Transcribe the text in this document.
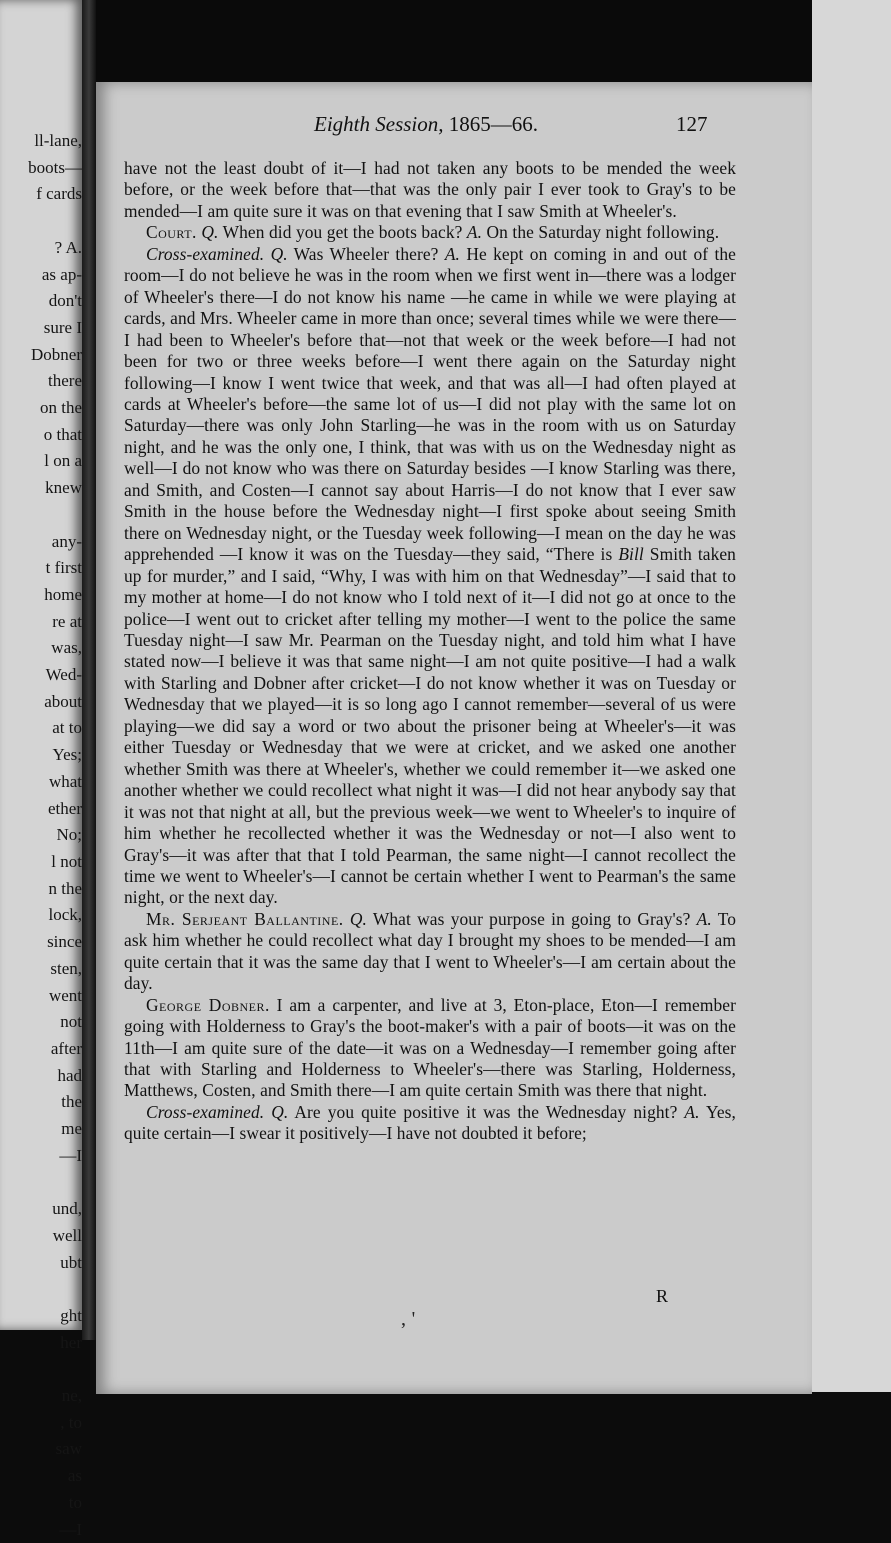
ll-lane,
boots—
f cards

? A.
as ap-
don't
sure I
Dobner
there
on the
o that
l on a
knew

any-
t first
home
re at
was,
Wed-
about
at to
Yes;
what
ether
No;
l not
n the
lock,
since
sten,
went
not
after
had
the
me
—I

und,
well
ubt

ght
her

ne,
, to
saw
as
to
—I
Eighth Session, 1865—66.	127

have not the least doubt of it—I had not taken any boots to be mended the week before, or the week before that—that was the only pair I ever took to Gray's to be mended—I am quite sure it was on that evening that I saw Smith at Wheeler's.

Court. Q. When did you get the boots back? A. On the Saturday night following.

Cross-examined. Q. Was Wheeler there? A. He kept on coming in and out of the room—I do not believe he was in the room when we first went in—there was a lodger of Wheeler's there—I do not know his name —he came in while we were playing at cards, and Mrs. Wheeler came in more than once; several times while we were there—I had been to Wheeler's before that—not that week or the week before—I had not been for two or three weeks before—I went there again on the Saturday night following—I know I went twice that week, and that was all—I had often played at cards at Wheeler's before—the same lot of us—I did not play with the same lot on Saturday—there was only John Starling—he was in the room with us on Saturday night, and he was the only one, I think, that was with us on the Wednesday night as well—I do not know who was there on Saturday besides —I know Starling was there, and Smith, and Costen—I cannot say about Harris—I do not know that I ever saw Smith in the house before the Wednesday night—I first spoke about seeing Smith there on Wednesday night, or the Tuesday week following—I mean on the day he was apprehended —I know it was on the Tuesday—they said, “There is Bill Smith taken up for murder,” and I said, “Why, I was with him on that Wednesday”—I said that to my mother at home—I do not know who I told next of it—I did not go at once to the police—I went out to cricket after telling my mother—I went to the police the same Tuesday night—I saw Mr. Pearman on the Tuesday night, and told him what I have stated now—I believe it was that same night—I am not quite positive—I had a walk with Starling and Dobner after cricket—I do not know whether it was on Tuesday or Wednesday that we played—it is so long ago I cannot remember—several of us were playing—we did say a word or two about the prisoner being at Wheeler's—it was either Tuesday or Wednesday that we were at cricket, and we asked one another whether Smith was there at Wheeler's, whether we could remember it—we asked one another whether we could recollect what night it was—I did not hear anybody say that it was not that night at all, but the previous week—we went to Wheeler's to inquire of him whether he recollected whether it was the Wednesday or not—I also went to Gray's—it was after that that I told Pearman, the same night—I cannot recollect the time we went to Wheeler's—I cannot be certain whether I went to Pearman's the same night, or the next day.

Mr. Serjeant Ballantine. Q. What was your purpose in going to Gray's? A. To ask him whether he could recollect what day I brought my shoes to be mended—I am quite certain that it was the same day that I went to Wheeler's—I am certain about the day.

George Dobner. I am a carpenter, and live at 3, Eton-place, Eton—I remember going with Holderness to Gray's the boot-maker's with a pair of boots—it was on the 11th—I am quite sure of the date—it was on a Wednesday—I remember going after that with Starling and Holderness to Wheeler's—there was Starling, Holderness, Matthews, Costen, and Smith there—I am quite certain Smith was there that night.

Cross-examined. Q. Are you quite positive it was the Wednesday night? A. Yes, quite certain—I swear it positively—I have not doubted it before;

R
‚ '
